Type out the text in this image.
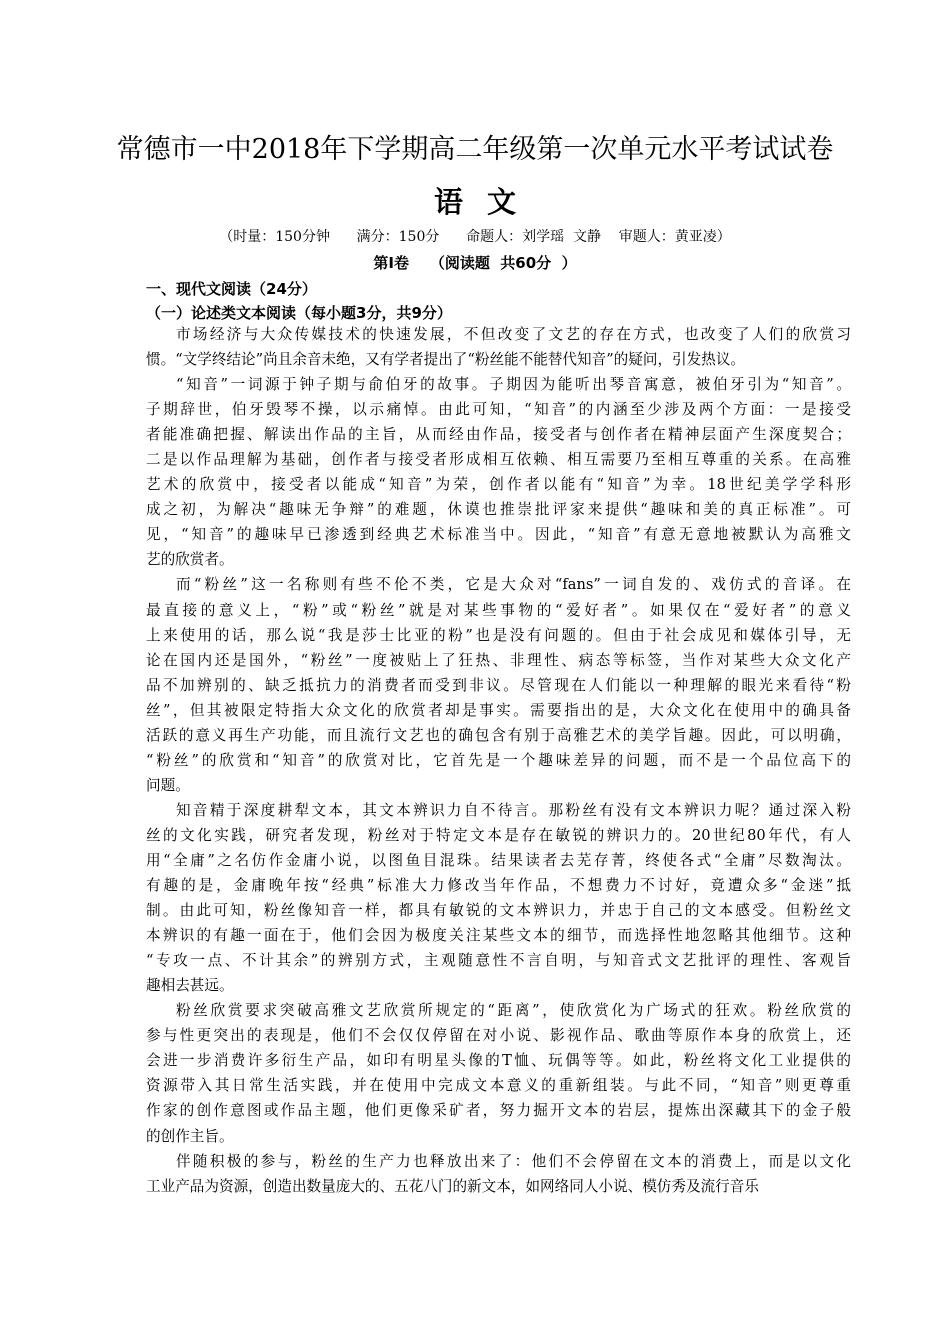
常德市一中2018年下学期高二年级第一次单元水平考试试卷
语文
（时量：150分钟      满分：150分      命题人：刘学瑶  文静    审题人：黄亚凌）
第Ⅰ卷    （阅读题  共60分  ）
一、现代文阅读（24分）
（一）论述类文本阅读（每小题3分，共9分）
市场经济与大众传媒技术的快速发展，不但改变了文艺的存在方式，也改变了人们的欣赏习
惯。“文学终结论”尚且余音未绝，又有学者提出了“粉丝能不能替代知音”的疑问，引发热议。
“知音”一词源于钟子期与俞伯牙的故事。子期因为能听出琴音寓意，被伯牙引为“知音”。
子期辞世，伯牙毁琴不操，以示痛悼。由此可知，“知音”的内涵至少涉及两个方面：一是接受
者能准确把握、解读出作品的主旨，从而经由作品，接受者与创作者在精神层面产生深度契合；
二是以作品理解为基础，创作者与接受者形成相互依赖、相互需要乃至相互尊重的关系。在高雅
艺术的欣赏中，接受者以能成“知音”为荣，创作者以能有“知音”为幸。18世纪美学学科形
成之初，为解决“趣味无争辩”的难题，休谟也推崇批评家来提供“趣味和美的真正标准”。可
见，“知音”的趣味早已渗透到经典艺术标准当中。因此，“知音”有意无意地被默认为高雅文
艺的欣赏者。
而“粉丝”这一名称则有些不伦不类，它是大众对“fans”一词自发的、戏仿式的音译。在
最直接的意义上，“粉”或“粉丝”就是对某些事物的“爱好者”。如果仅在“爱好者”的意义
上来使用的话，那么说“我是莎士比亚的粉”也是没有问题的。但由于社会成见和媒体引导，无
论在国内还是国外，“粉丝”一度被贴上了狂热、非理性、病态等标签，当作对某些大众文化产
品不加辨别的、缺乏抵抗力的消费者而受到非议。尽管现在人们能以一种理解的眼光来看待“粉
丝”，但其被限定特指大众文化的欣赏者却是事实。需要指出的是，大众文化在使用中的确具备
活跃的意义再生产功能，而且流行文艺也的确包含有别于高雅艺术的美学旨趣。因此，可以明确，
“粉丝”的欣赏和“知音”的欣赏对比，它首先是一个趣味差异的问题，而不是一个品位高下的
问题。
知音精于深度耕犁文本，其文本辨识力自不待言。那粉丝有没有文本辨识力呢？通过深入粉
丝的文化实践，研究者发现，粉丝对于特定文本是存在敏锐的辨识力的。20世纪80年代，有人
用“全庸”之名仿作金庸小说，以图鱼目混珠。结果读者去芜存菁，终使各式“全庸”尽数淘汰。
有趣的是，金庸晚年按“经典”标准大力修改当年作品，不想费力不讨好，竟遭众多“金迷”抵
制。由此可知，粉丝像知音一样，都具有敏锐的文本辨识力，并忠于自己的文本感受。但粉丝文
本辨识的有趣一面在于，他们会因为极度关注某些文本的细节，而选择性地忽略其他细节。这种
“专攻一点、不计其余”的辨别方式，主观随意性不言自明，与知音式文艺批评的理性、客观旨
趣相去甚远。
粉丝欣赏要求突破高雅文艺欣赏所规定的“距离”，使欣赏化为广场式的狂欢。粉丝欣赏的
参与性更突出的表现是，他们不会仅仅停留在对小说、影视作品、歌曲等原作本身的欣赏上，还
会进一步消费许多衍生产品，如印有明星头像的T恤、玩偶等等。如此，粉丝将文化工业提供的
资源带入其日常生活实践，并在使用中完成文本意义的重新组装。与此不同，“知音”则更尊重
作家的创作意图或作品主题，他们更像采矿者，努力掘开文本的岩层，提炼出深藏其下的金子般
的创作主旨。
伴随积极的参与，粉丝的生产力也释放出来了：他们不会停留在文本的消费上，而是以文化
工业产品为资源，创造出数量庞大的、五花八门的新文本，如网络同人小说、模仿秀及流行音乐
